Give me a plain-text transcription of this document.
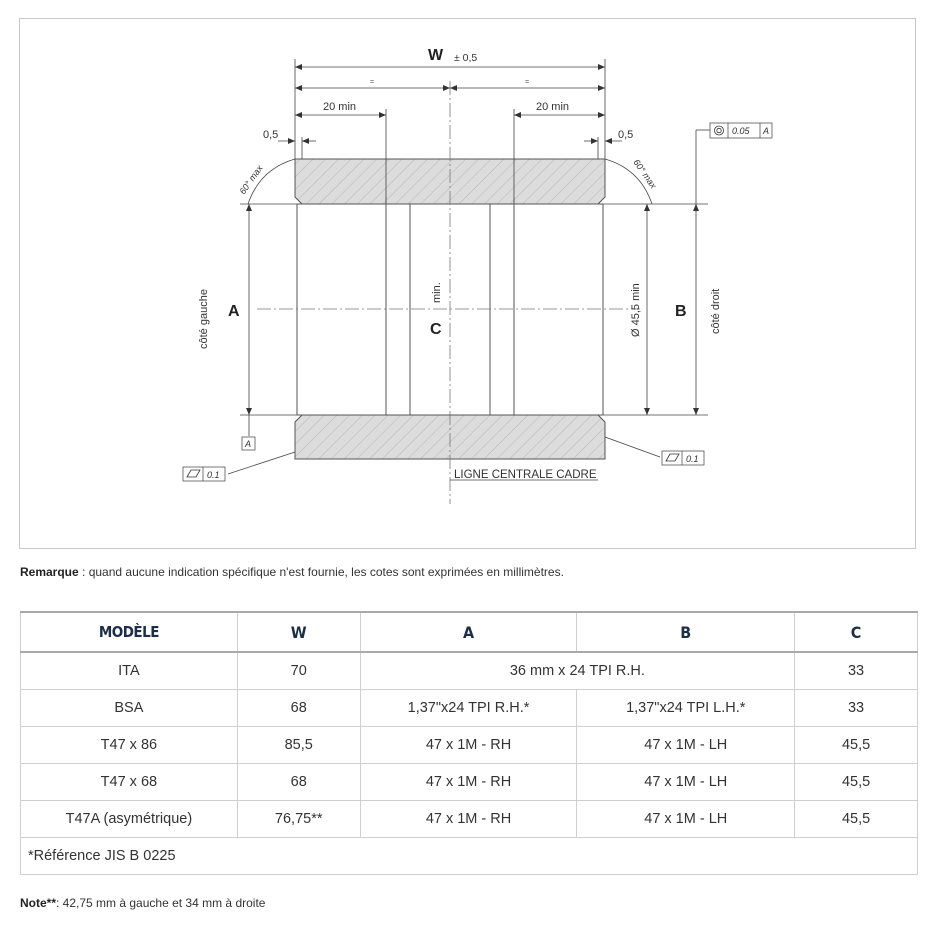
W ± 0,5
=	=
20 min	20 min
0,5	0,5
60° max	60° max
A	B
C
min.	Ø 45,5 min
côté gauche	côté droit
A
0.05 A
0.1
0.1
LIGNE CENTRALE CADRE
Remarque : quand aucune indication spécifique n'est fournie, les cotes sont exprimées en millimètres.
MODÈLE	W	A	B	C
ITA	70	36 mm x 24 TPI R.H.		33
BSA	68	1,37"x24 TPI R.H.*	1,37"x24 TPI L.H.*	33
T47 x 86	85,5	47 x 1M - RH	47 x 1M - LH	45,5
T47 x 68	68	47 x 1M - RH	47 x 1M - LH	45,5
T47A (asymétrique)	76,75**	47 x 1M - RH	47 x 1M - LH	45,5
*Référence JIS B 0225				
Note**: 42,75 mm à gauche et 34 mm à droite
